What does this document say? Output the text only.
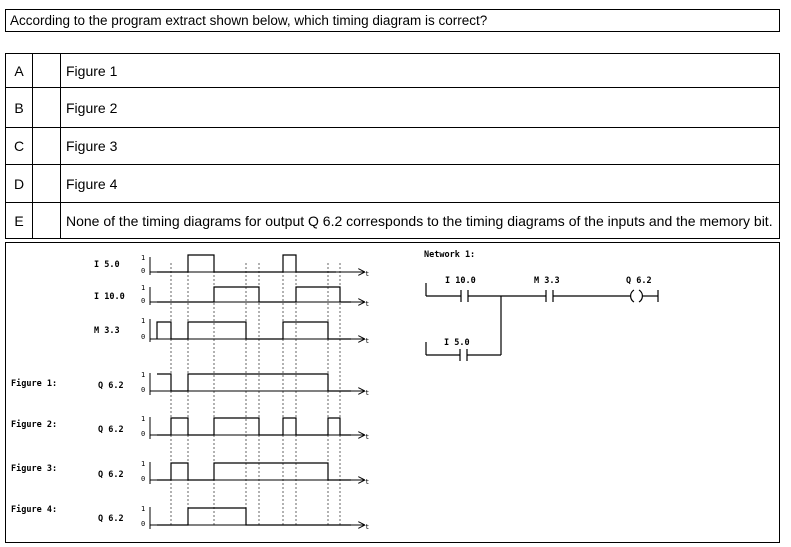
According to the program extract shown below, which timing diagram is correct?
A		Figure 1
B		Figure 2
C		Figure 3
D		Figure 4
E		None of the timing diagrams for output Q 6.2 corresponds to the timing diagrams of the inputs and the memory bit.
I 5.0
1
0	t
I 10.0
1
0	t
M 3.3
1
0	t
Figure 1:	Q 6.2
1
0	t
Figure 2:	Q 6.2
1
0	t
Figure 3:
Q 6.2
1
0	t
Figure 4:
Q 6.2
1
0	t
Network 1:
I 10.0	M 3.3	Q 6.2
I 5.0
